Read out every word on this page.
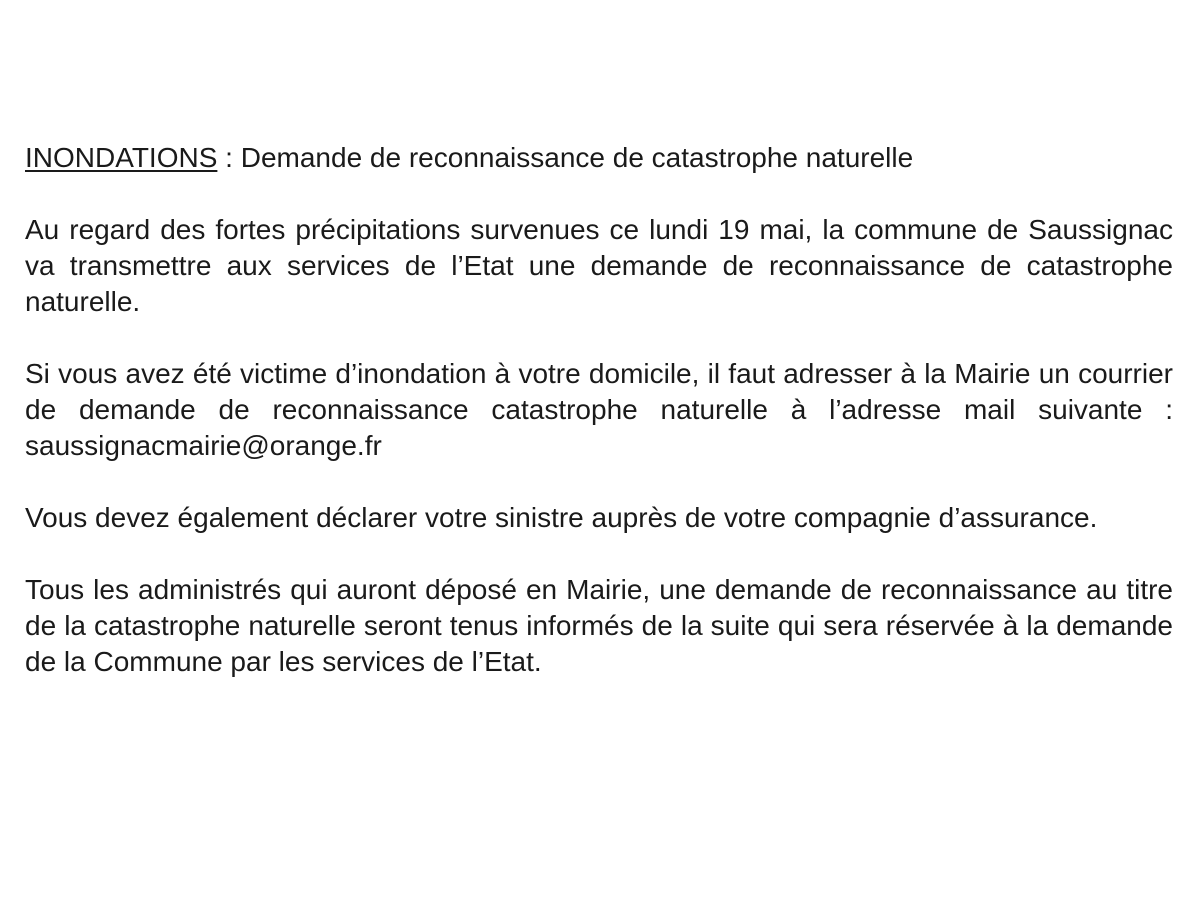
INONDATIONS : Demande de reconnaissance de catastrophe naturelle

Au regard des fortes précipitations survenues ce lundi 19 mai, la commune de Saussignac va transmettre aux services de l’Etat une demande de reconnaissance de catastrophe naturelle.

Si vous avez été victime d’inondation à votre domicile, il faut adresser à la Mairie un courrier de demande de reconnaissance catastrophe naturelle à l’adresse mail suivante : saussignacmairie@orange.fr

Vous devez également déclarer votre sinistre auprès de votre compagnie d’assurance.

Tous les administrés qui auront déposé en Mairie, une demande de reconnaissance au titre de la catastrophe naturelle seront tenus informés de la suite qui sera réservée à la demande de la Commune par les services de l’Etat.
